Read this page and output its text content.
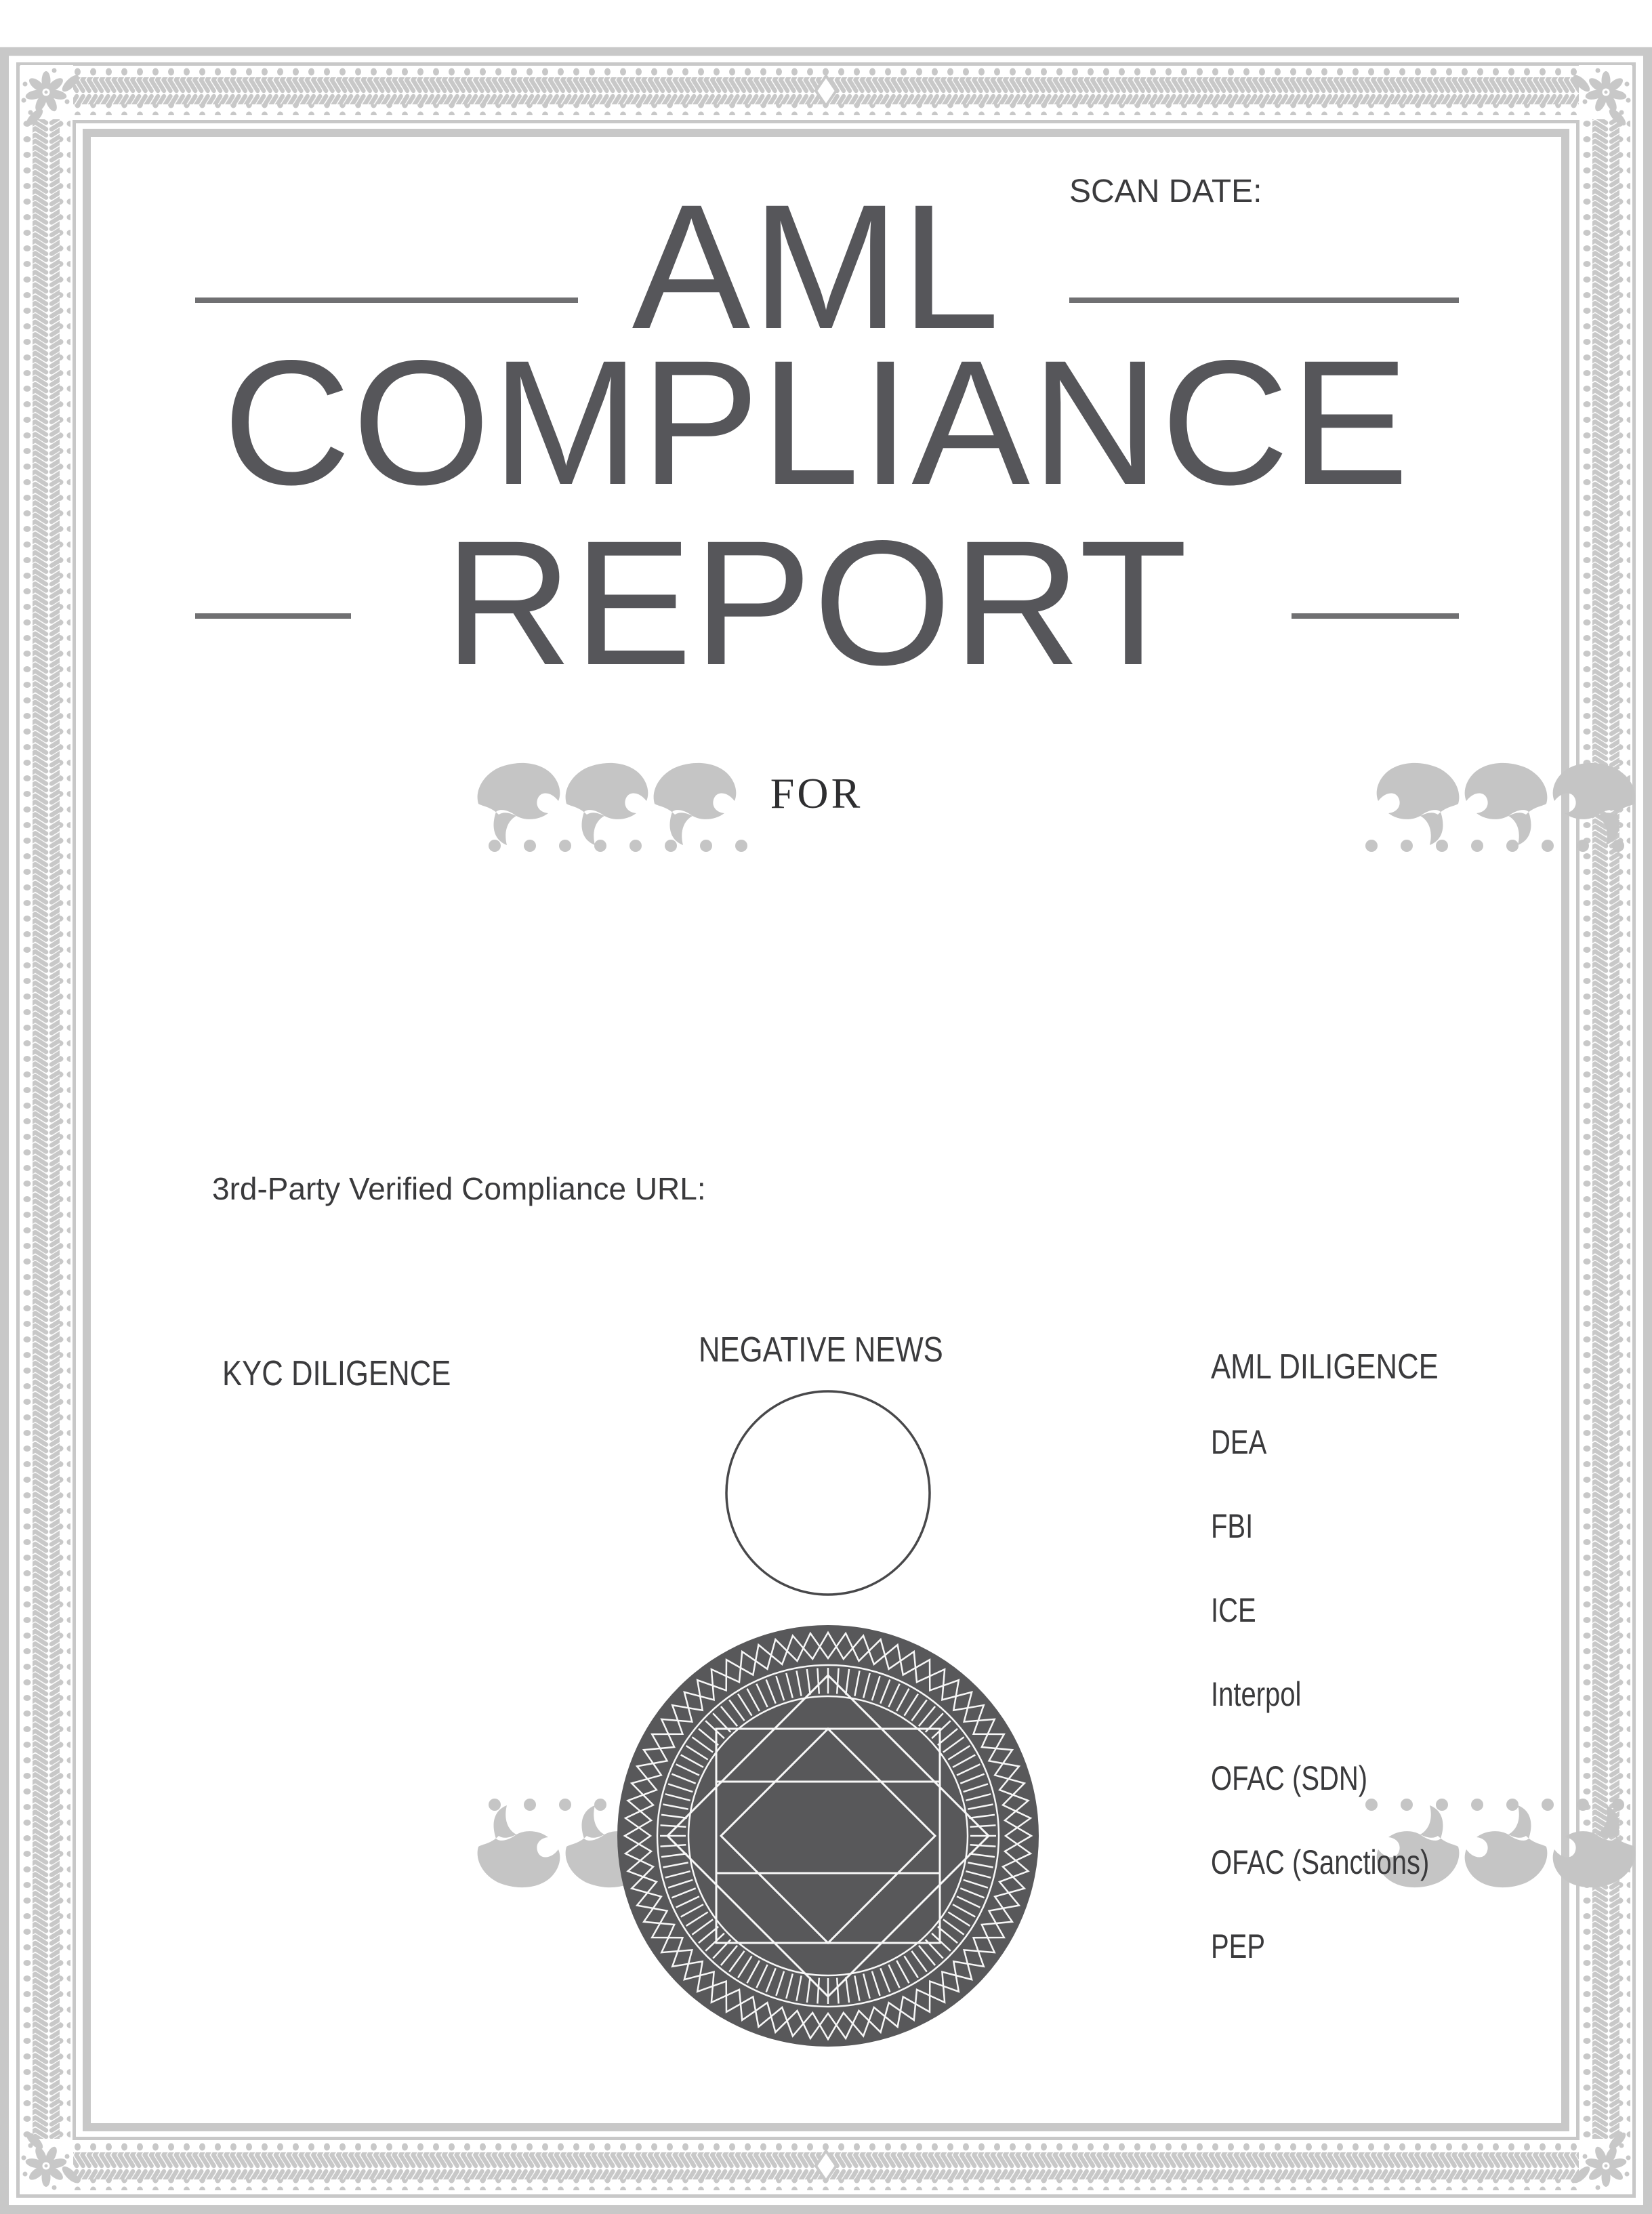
SCAN DATE:
AML
COMPLIANCE
REPORT
FOR
3rd-Party Verified Compliance URL:
KYC DILIGENCE
NEGATIVE NEWS	AML DILIGENCE
DEA
FBI
ICE
Interpol
OFAC (SDN)
OFAC (Sanctions)
PEP
